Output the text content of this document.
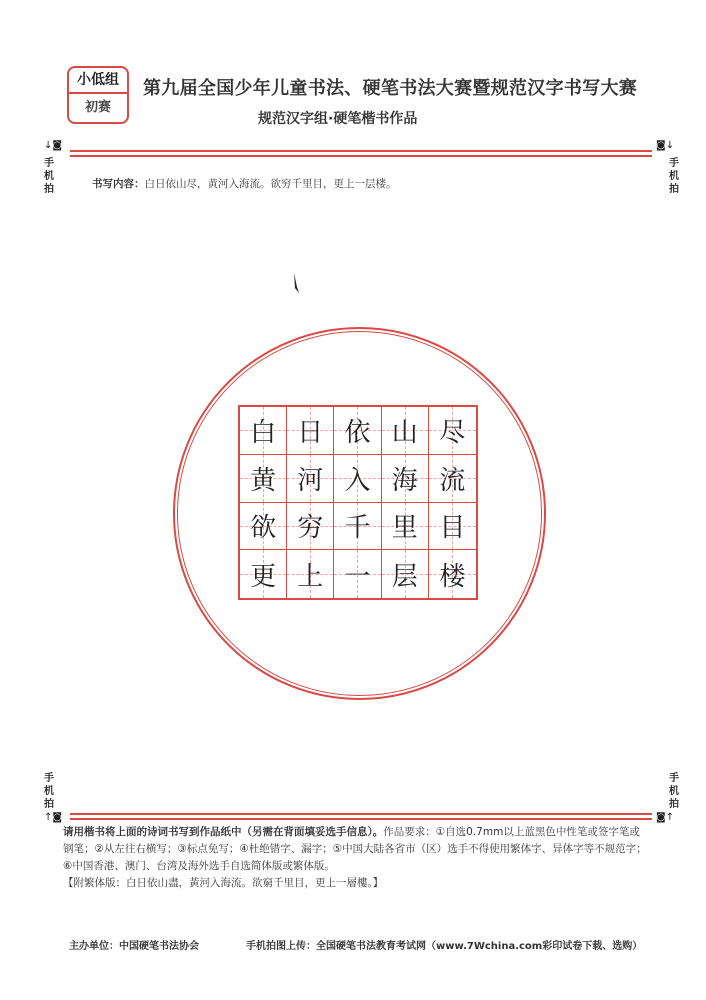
小低组
初赛
第九届全国少年儿童书法、硬笔书法大赛暨规范汉字书写大赛
规范汉字组·硬笔楷书作品
↓◙	◙↓
手
机
拍
手
机
拍
书写内容：白日依山尽，黄河入海流。欲穷千里目，更上一层楼。
白 日 依 山 尽
黄 河 入 海 流
欲 穷 千 里 目
更 上 一 层 楼
手
机
拍
手
机
拍
↑◙	◙↑
请用楷书将上面的诗词书写到作品纸中（另需在背面填妥选手信息）。作品要求：①自选0.7mm以上蓝黑色中性笔或签字笔或钢笔；②从左往右横写；③标点免写；④杜绝错字、漏字；⑤中国大陆各省市（区）选手不得使用繁体字、异体字等不规范字；⑥中国香港、澳门、台湾及海外选手自选简体版或繁体版。
【附繁体版：白日依山盡，黃河入海流。欲窮千里目，更上一層樓。】
主办单位：中国硬笔书法协会	手机拍图上传：全国硬笔书法教育考试网（www.7Wchina.com彩印试卷下载、选购）
